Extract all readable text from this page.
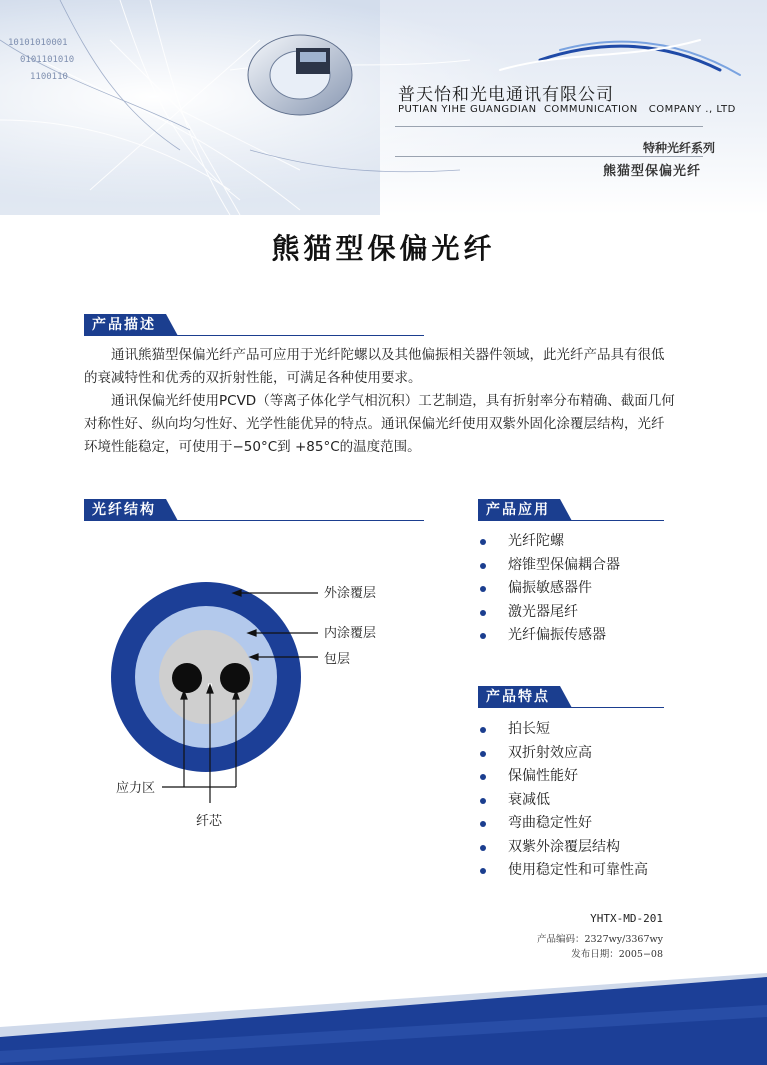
10101010001
0101101010
1100110
普天怡和光电通讯有限公司
PUTIAN YIHE GUANGDIAN  COMMUNICATION   COMPANY ., LTD
特种光纤系列
熊猫型保偏光纤
熊猫型保偏光纤
产品描述

通讯熊猫型保偏光纤产品可应用于光纤陀螺以及其他偏振相关器件领域，此光纤产品具有很低的衰减特性和优秀的双折射性能，可满足各种使用要求。

通讯保偏光纤使用PCVD（等离子体化学气相沉积）工艺制造，具有折射率分布精确、截面几何对称性好、纵向均匀性好、光学性能优异的特点。通讯保偏光纤使用双紫外固化涂覆层结构，光纤环境性能稳定，可使用于−50°C到 +85°C的温度范围。

光纤结构
外涂覆层
内涂覆层
包层
应力区
纤芯
产品应用
光纤陀螺
熔锥型保偏耦合器
偏振敏感器件
激光器尾纤
光纤偏振传感器
产品特点
拍长短
双折射效应高
保偏性能好
衰减低
弯曲稳定性好
双紫外涂覆层结构
使用稳定性和可靠性高
YHTX-MD-201
产品编码：2327wy/3367wy
发布日期：2005−08
